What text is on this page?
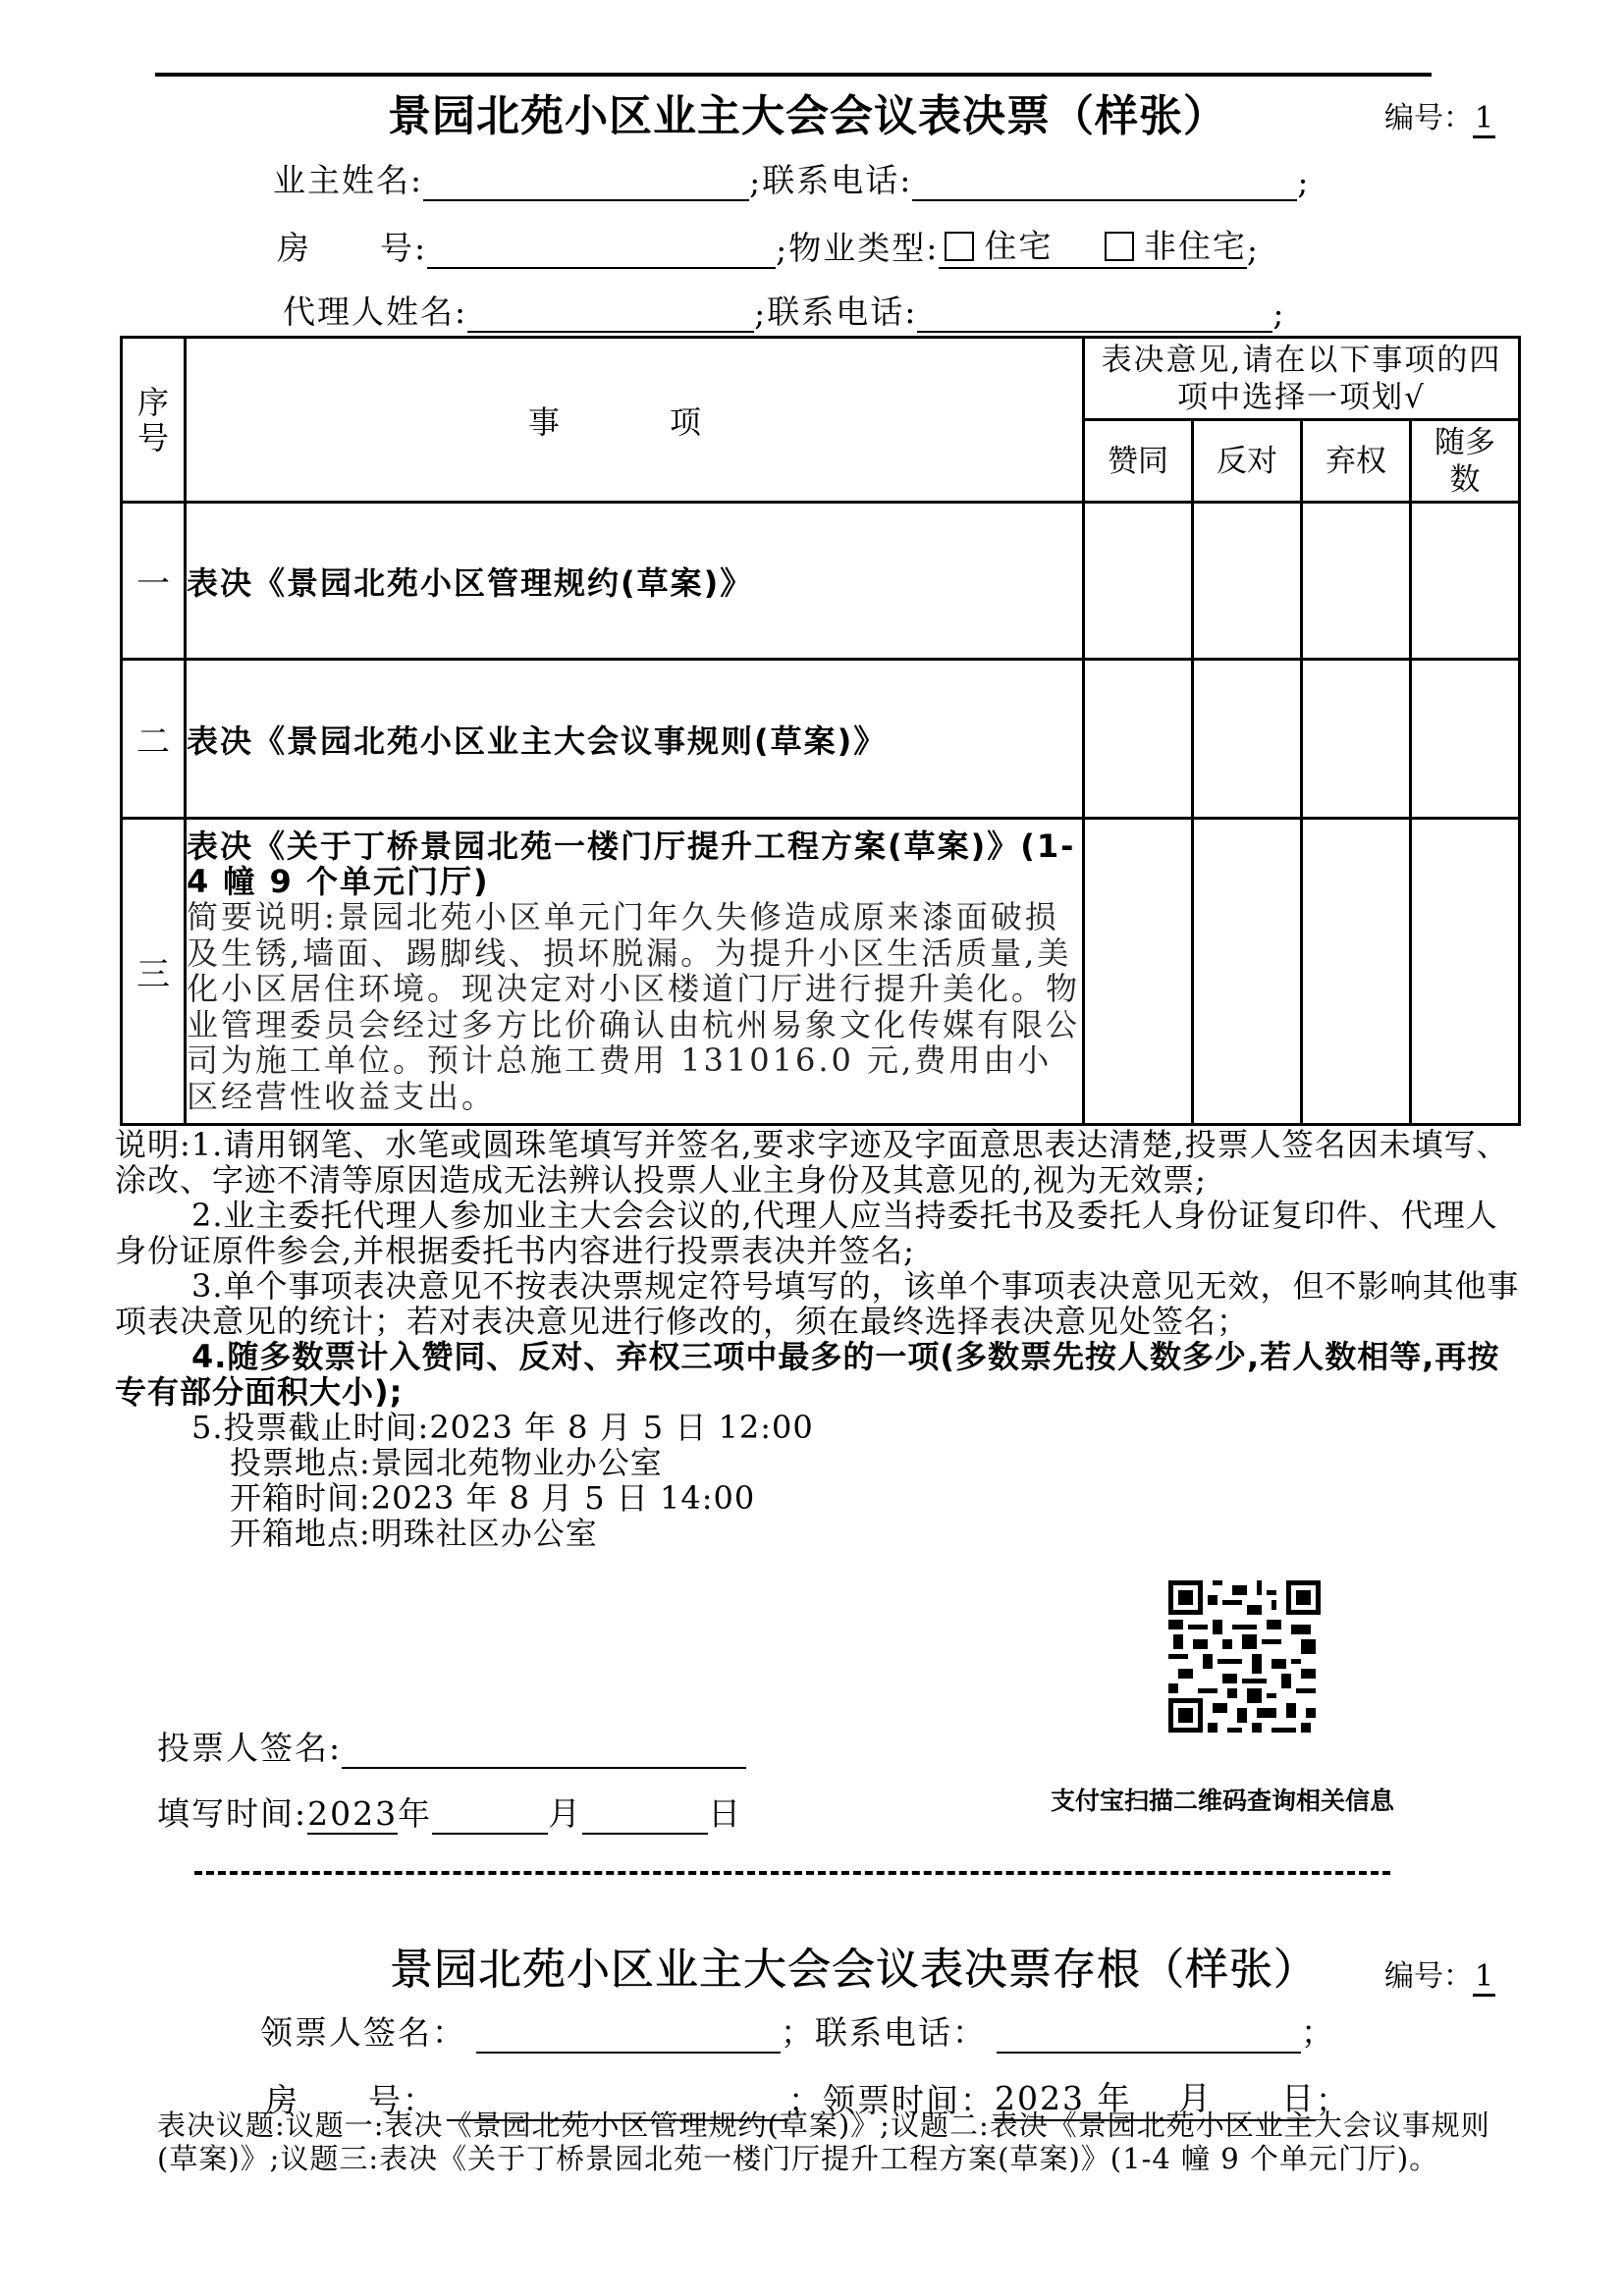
景园北苑小区业主大会会议表决票（样张）	编号：1
业主姓名:	; 联系电话:	;
房　　号:	; 物业类型:	住宅	非住宅 ;
代理人姓名:	; 联系电话:	;
序号	事　项	表决意见,请在以下事项的四项中选择一项划√			

		赞同	反对	弃权	随多数

一	表决《景园北苑小区管理规约(草案)》				
二	表决《景园北苑小区业主大会议事规则(草案)》				
三	表决《关于丁桥景园北苑一楼门厅提升工程方案(草案)》(1-4 幢 9 个单元门厅)
简要说明:景园北苑小区单元门年久失修造成原来漆面破损及生锈,墙面、踢脚线、损坏脱漏。为提升小区生活质量,美化小区居住环境。现决定对小区楼道门厅进行提升美化。物业管理委员会经过多方比价确认由杭州易象文化传媒有限公司为施工单位。预计总施工费用 131016.0 元,费用由小区经营性收益支出。				

说明:1.请用钢笔、水笔或圆珠笔填写并签名,要求字迹及字面意思表达清楚,投票人签名因未填写、涂改、字迹不清等原因造成无法辨认投票人业主身份及其意见的,视为无效票;

2.业主委托代理人参加业主大会会议的,代理人应当持委托书及委托人身份证复印件、代理人身份证原件参会,并根据委托书内容进行投票表决并签名;

3.单个事项表决意见不按表决票规定符号填写的，该单个事项表决意见无效，但不影响其他事项表决意见的统计；若对表决意见进行修改的，须在最终选择表决意见处签名；

4.随多数票计入赞同、反对、弃权三项中最多的一项(多数票先按人数多少,若人数相等,再按专有部分面积大小);

5.投票截止时间:2023 年 8 月 5 日 12:00

投票地点:景园北苑物业办公室

开箱时间:2023 年 8 月 5 日 14:00

开箱地点:明珠社区办公室

投票人签名:
填写时间: 2023 年	月	日	支付宝扫描二维码查询相关信息
景园北苑小区业主大会会议表决票存根（样张） 编号：1
领票人签名：	； 联系电话：	；
房　　号：	； 领票时间： 2023 年　 月　　日 ；
表决议题:议题一:表决《景园北苑小区管理规约(草案)》;议题二:表决《景园北苑小区业主大会议事规则(草案)》;议题三:表决《关于丁桥景园北苑一楼门厅提升工程方案(草案)》(1-4 幢 9 个单元门厅)。
